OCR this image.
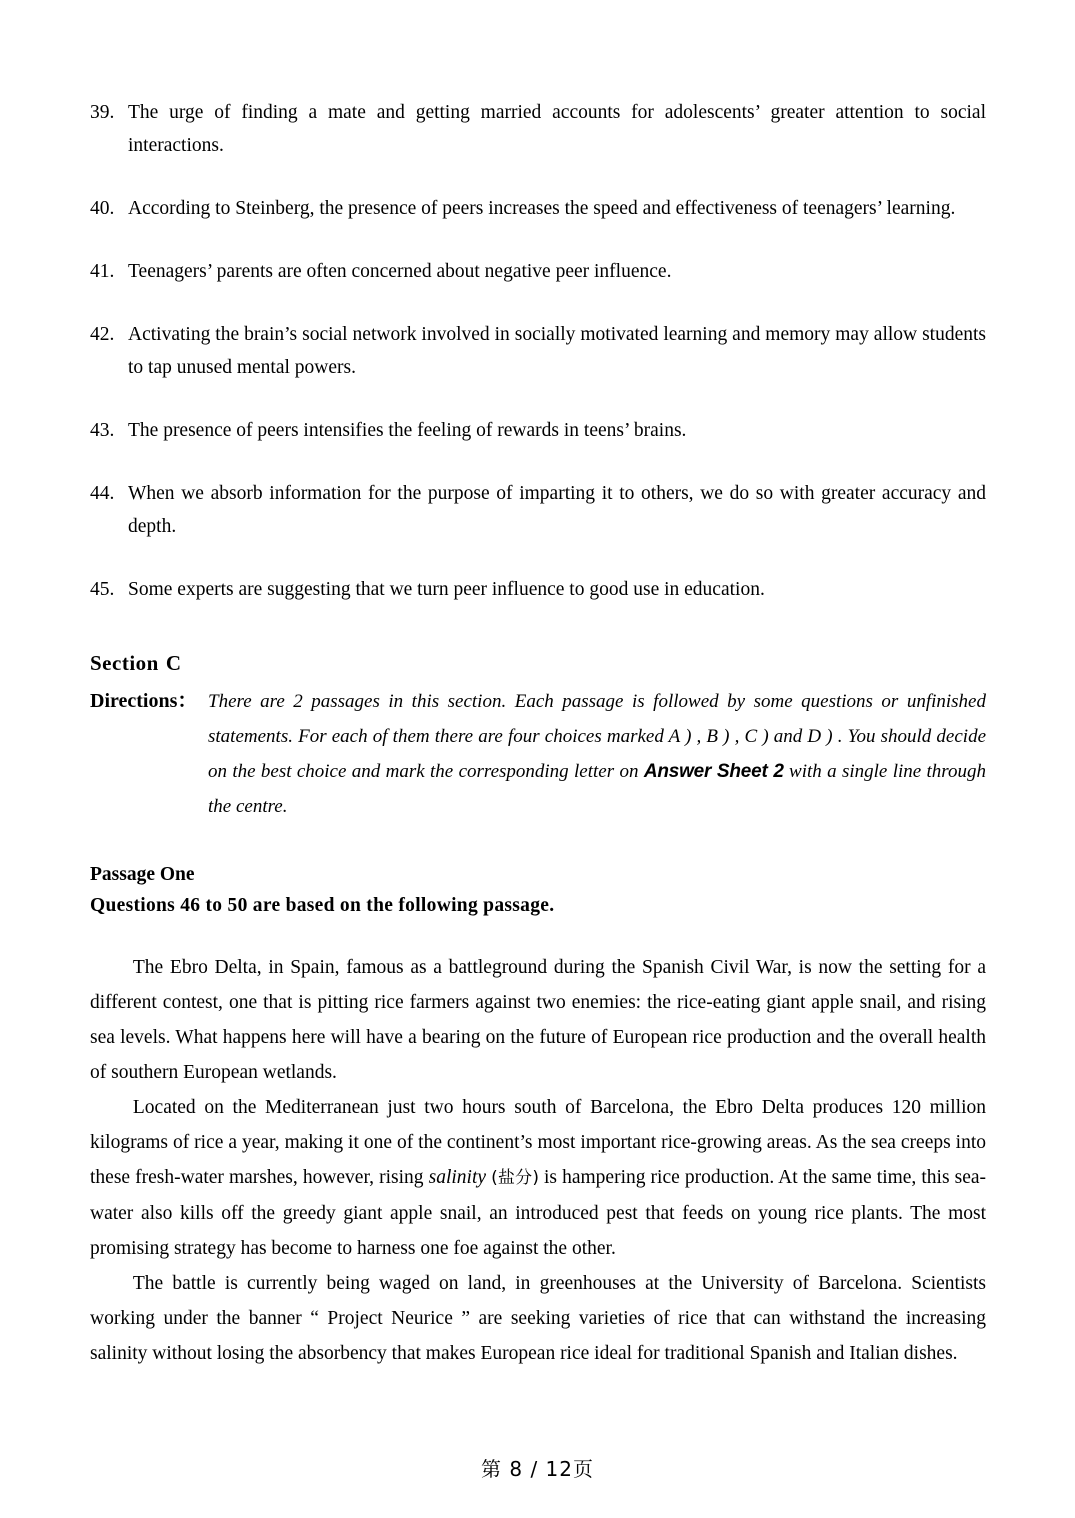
39. The urge of finding a mate and getting married accounts for adolescents’ greater attention to social interactions.
40. According to Steinberg, the presence of peers increases the speed and effectiveness of teenagers’ learning.
41. Teenagers’ parents are often concerned about negative peer influence.
42. Activating the brain’s social network involved in socially motivated learning and memory may allow students to tap unused mental powers.
43. The presence of peers intensifies the feeling of rewards in teens’ brains.
44. When we absorb information for the purpose of imparting it to others, we do so with greater accuracy and depth.
45. Some experts are suggesting that we turn peer influence to good use in education.
Section C
Directions： There are 2 passages in this section. Each passage is followed by some questions or unfinished statements. For each of them there are four choices marked A ) , B ) , C ) and D ) . You should decide on the best choice and mark the corresponding letter on Answer Sheet 2 with a single line through the centre.
Passage One
Questions 46 to 50 are based on the following passage.

The Ebro Delta, in Spain, famous as a battleground during the Spanish Civil War, is now the setting for a different contest, one that is pitting rice farmers against two enemies: the rice-eating giant apple snail, and rising sea levels. What happens here will have a bearing on the future of European rice production and the overall health of southern European wetlands.

Located on the Mediterranean just two hours south of Barcelona, the Ebro Delta produces 120 million kilograms of rice a year, making it one of the continent’s most important rice-growing areas. As the sea creeps into these fresh-water marshes, however, rising salinity (盐分) is hampering rice production. At the same time, this sea-water also kills off the greedy giant apple snail, an introduced pest that feeds on young rice plants. The most promising strategy has become to harness one foe against the other.

The battle is currently being waged on land, in greenhouses at the University of Barcelona. Scientists working under the banner “ Project Neurice ” are seeking varieties of rice that can withstand the increasing salinity without losing the absorbency that makes European rice ideal for traditional Spanish and Italian dishes.

第 8 / 12页
